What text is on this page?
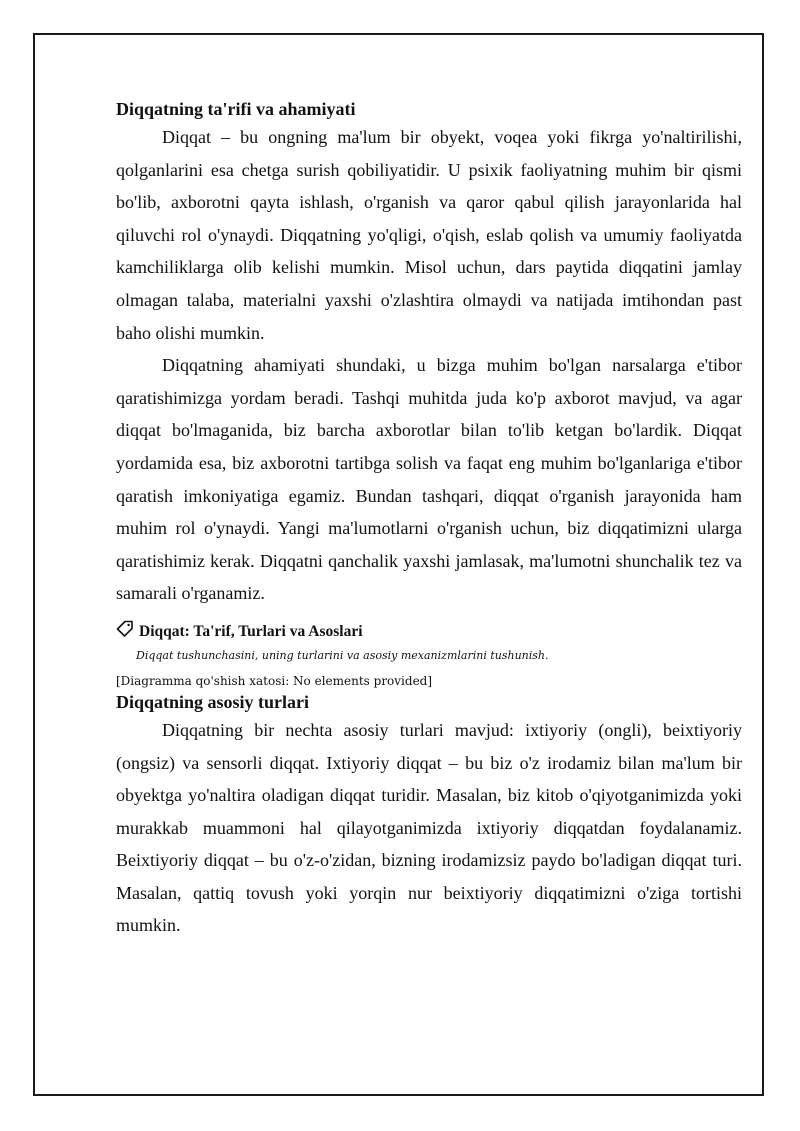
Diqqatning ta'rifi va ahamiyati

Diqqat – bu ongning ma'lum bir obyekt, voqea yoki fikrga yo'naltirilishi, qolganlarini esa chetga surish qobiliyatidir. U psixik faoliyatning muhim bir qismi bo'lib, axborotni qayta ishlash, o'rganish va qaror qabul qilish jarayonlarida hal qiluvchi rol o'ynaydi. Diqqatning yo'qligi, o'qish, eslab qolish va umumiy faoliyatda kamchiliklarga olib kelishi mumkin. Misol uchun, dars paytida diqqatini jamlay olmagan talaba, materialni yaxshi o'zlashtira olmaydi va natijada imtihondan past baho olishi mumkin.

Diqqatning ahamiyati shundaki, u bizga muhim bo'lgan narsalarga e'tibor qaratishimizga yordam beradi. Tashqi muhitda juda ko'p axborot mavjud, va agar diqqat bo'lmaganida, biz barcha axborotlar bilan to'lib ketgan bo'lardik. Diqqat yordamida esa, biz axborotni tartibga solish va faqat eng muhim bo'lganlariga e'tibor qaratish imkoniyatiga egamiz. Bundan tashqari, diqqat o'rganish jarayonida ham muhim rol o'ynaydi. Yangi ma'lumotlarni o'rganish uchun, biz diqqatimizni ularga qaratishimiz kerak. Diqqatni qanchalik yaxshi jamlasak, ma'lumotni shunchalik tez va samarali o'rganamiz.

Diqqat: Ta'rif, Turlari va Asoslari
Diqqat tushunchasini, uning turlarini va asosiy mexanizmlarini tushunish.
[Diagramma qo'shish xatosi: No elements provided]
Diqqatning asosiy turlari

Diqqatning bir nechta asosiy turlari mavjud: ixtiyoriy (ongli), beixtiyoriy (ongsiz) va sensorli diqqat. Ixtiyoriy diqqat – bu biz o'z irodamiz bilan ma'lum bir obyektga yo'naltira oladigan diqqat turidir. Masalan, biz kitob o'qiyotganimizda yoki murakkab muammoni hal qilayotganimizda ixtiyoriy diqqatdan foydalanamiz. Beixtiyoriy diqqat – bu o'z-o'zidan, bizning irodamizsiz paydo bo'ladigan diqqat turi. Masalan, qattiq tovush yoki yorqin nur beixtiyoriy diqqatimizni o'ziga tortishi mumkin.
